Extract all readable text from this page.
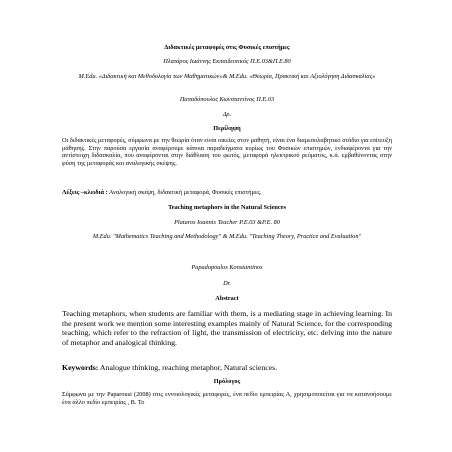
Διδακτικές μεταφορές στις Φυσικές επιστήμες
Πλατάρος Ιωάννης Εκπαιδευτικός Π.Ε.03&Π.Ε.80
M.Edu. «Διδακτική και Μεθοδολογία των Μαθηματικών»& M.Edu. «Θεωρία, Πρακτική και Αξιολόγηση Διδασκαλίας»
Παπαδόπουλος Κωνσταντίνος Π.Ε.03
Δρ.
Περίληψη
Οι διδακτικές μεταφορές, σύμφωνα με την θεωρία όταν είναι οικείες στον μαθητή, είναι ένα διαμεσολαβητικό στάδιο για επίτευξη μάθησης. Στην παρούσα εργασία αναφέρουμε κάποια παραδείγματα κυρίως του Φυσικών επιστημών, ενδιαφέροντα για την αντίστοιχη διδασκαλία, που αναφέρονται στην διάθλαση του φωτός, μεταφορά ηλεκτρικού ρεύματος, κ.ά. εμβαθύνοντας στην φύση της μεταφοράς και αναλογικής σκέψης.
Λέξεις –κλειδιά : Αναλογική σκέψη, διδακτική μεταφορά, Φυσικές επιστήμες.
Teaching metaphors in the Natural Sciences
Plataros Ioannis Teacher P.E.03 &P.E. 80
M.Edu. "Mathematics Teaching and Methodology" & M.Edu. "Teaching Theory, Practice and Evaluation"
Papadopoulos Konstantinos
Dr.
Abstract
Teaching metaphors, when students are familiar with them, is a mediating stage in achieving learning. In the present work we mention some interesting examples mainly of Natural Science, for the corresponding teaching, which refer to the refraction of light, the transmission of electricity, etc. delving into the nature of metaphor and analogical thinking.
Keywords: Analogue thinking, reaching metaphor, Natural sciences.
Πρόλογος
Σύμφωνα με την Paparousi (2008) στις εννοιολογικές μεταφορές, ένα πεδίο εμπειρίας Α, χρησιμοποιείται για να κατανοήσουμε ένα άλλο πεδίο εμπειρίας , Β. Το
